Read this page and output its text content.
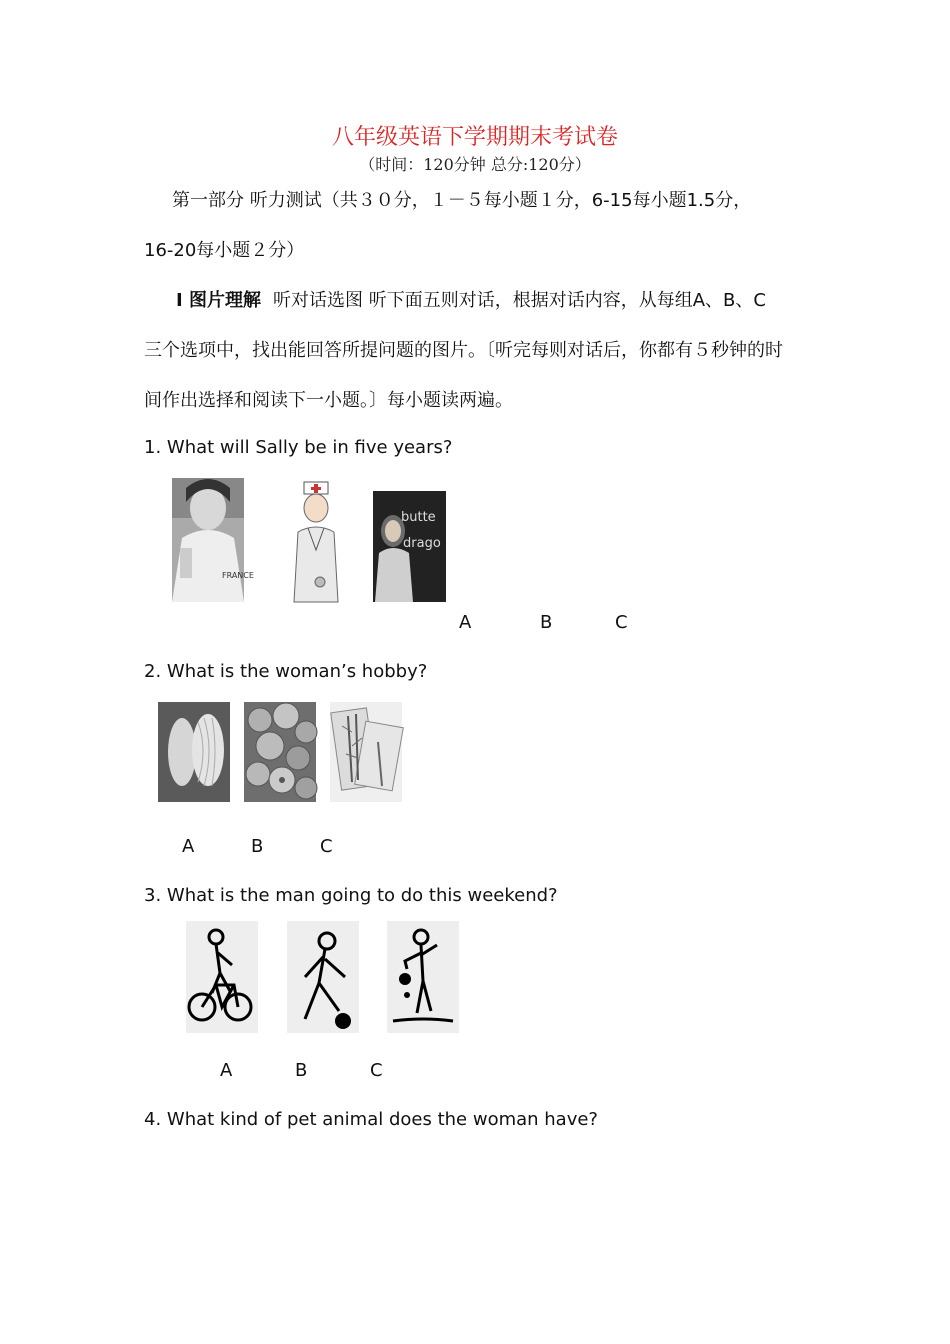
八年级英语下学期期末考试卷
（时间：120分钟 总分:120分）
第一部分 听力测试（共３０分，１－５每小题１分，6-15每小题1.5分，
16-20每小题２分）
Ⅰ 图片理解 听对话选图 听下面五则对话，根据对话内容，从每组A、B、C
三个选项中，找出能回答所提问题的图片。〔听完每则对话后，你都有５秒钟的时
间作出选择和阅读下一小题。〕每小题读两遍。
1. What will Sally be in five years?
FRANCE
butte
drago
A	B	C
2. What is the woman’s hobby?
A	B	C
3. What is the man going to do this weekend?
A	B	C
4. What kind of pet animal does the woman have?
